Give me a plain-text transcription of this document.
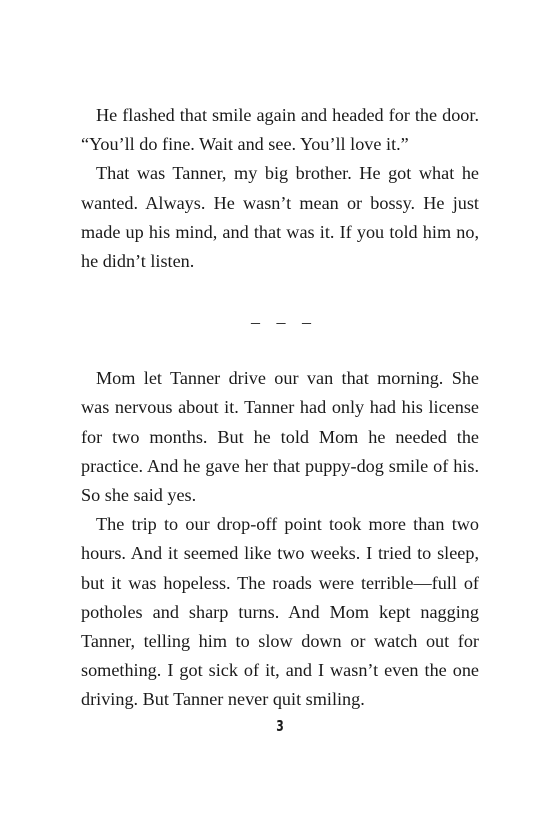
He flashed that smile again and headed for the door. “You’ll do fine. Wait and see. You’ll love it.”

That was Tanner, my big brother. He got what he wanted. Always. He wasn’t mean or bossy. He just made up his mind, and that was it. If you told him no, he didn’t listen.

– – –

Mom let Tanner drive our van that morning. She was nervous about it. Tanner had only had his license for two months. But he told Mom he needed the practice. And he gave her that puppy-dog smile of his. So she said yes.

The trip to our drop-off point took more than two hours. And it seemed like two weeks. I tried to sleep, but it was hopeless. The roads were terrible—full of potholes and sharp turns. And Mom kept nagging Tanner, telling him to slow down or watch out for something. I got sick of it, and I wasn’t even the one driving. But Tanner never quit smiling.

3
